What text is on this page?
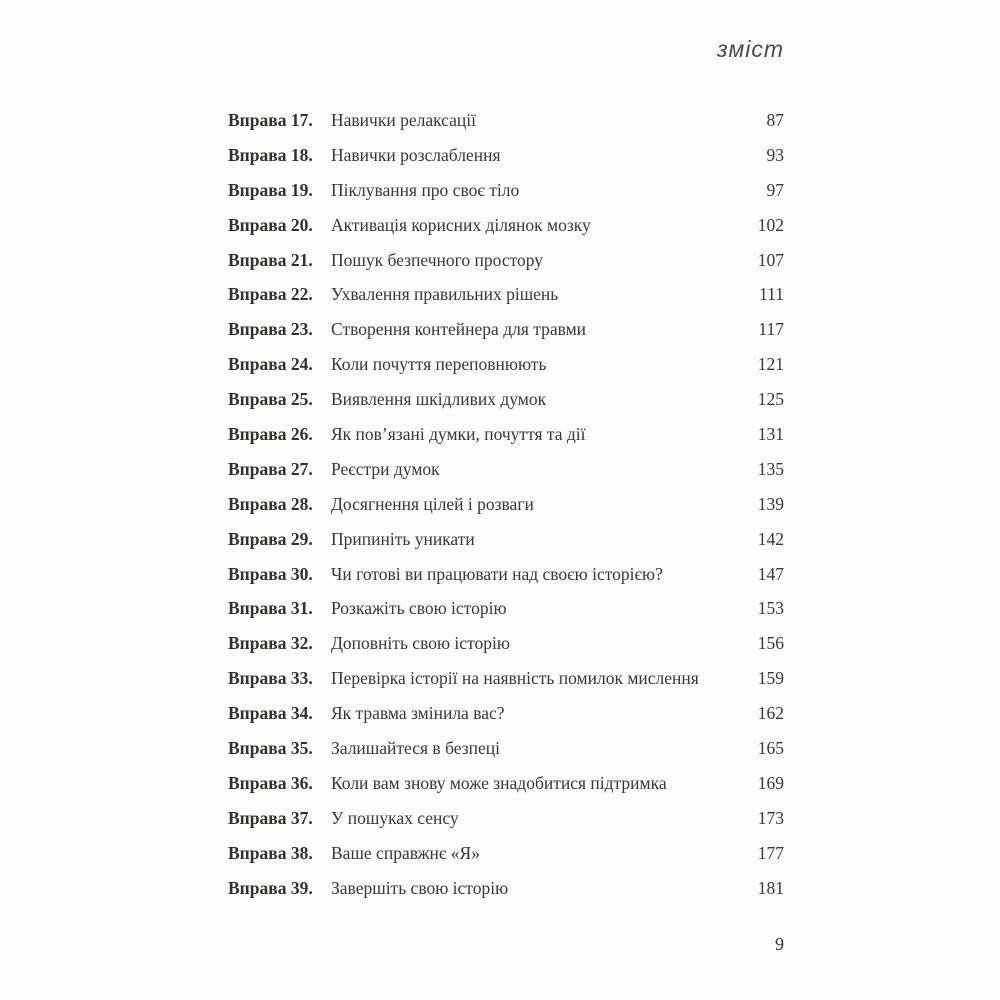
зміст
Вправа 17.	Навички релаксації	87
Вправа 18.	Навички розслаблення	93
Вправа 19.	Піклування про своє тіло	97
Вправа 20.	Активація корисних ділянок мозку	102
Вправа 21.	Пошук безпечного простору	107
Вправа 22.	Ухвалення правильних рішень	111
Вправа 23.	Створення контейнера для травми	117
Вправа 24.	Коли почуття переповнюють	121
Вправа 25.	Виявлення шкідливих думок	125
Вправа 26.	Як пов’язані думки, почуття та дії	131
Вправа 27.	Реєстри думок	135
Вправа 28.	Досягнення цілей і розваги	139
Вправа 29.	Припиніть уникати	142
Вправа 30.	Чи готові ви працювати над своєю історією?	147
Вправа 31.	Розкажіть свою історію	153
Вправа 32.	Доповніть свою історію	156
Вправа 33.	Перевірка історії на наявність помилок мислення	159
Вправа 34.	Як травма змінила вас?	162
Вправа 35.	Залишайтеся в безпеці	165
Вправа 36.	Коли вам знову може знадобитися підтримка	169
Вправа 37.	У пошуках сенсу	173
Вправа 38.	Ваше справжнє «Я»	177
Вправа 39.	Завершіть свою історію	181
9
